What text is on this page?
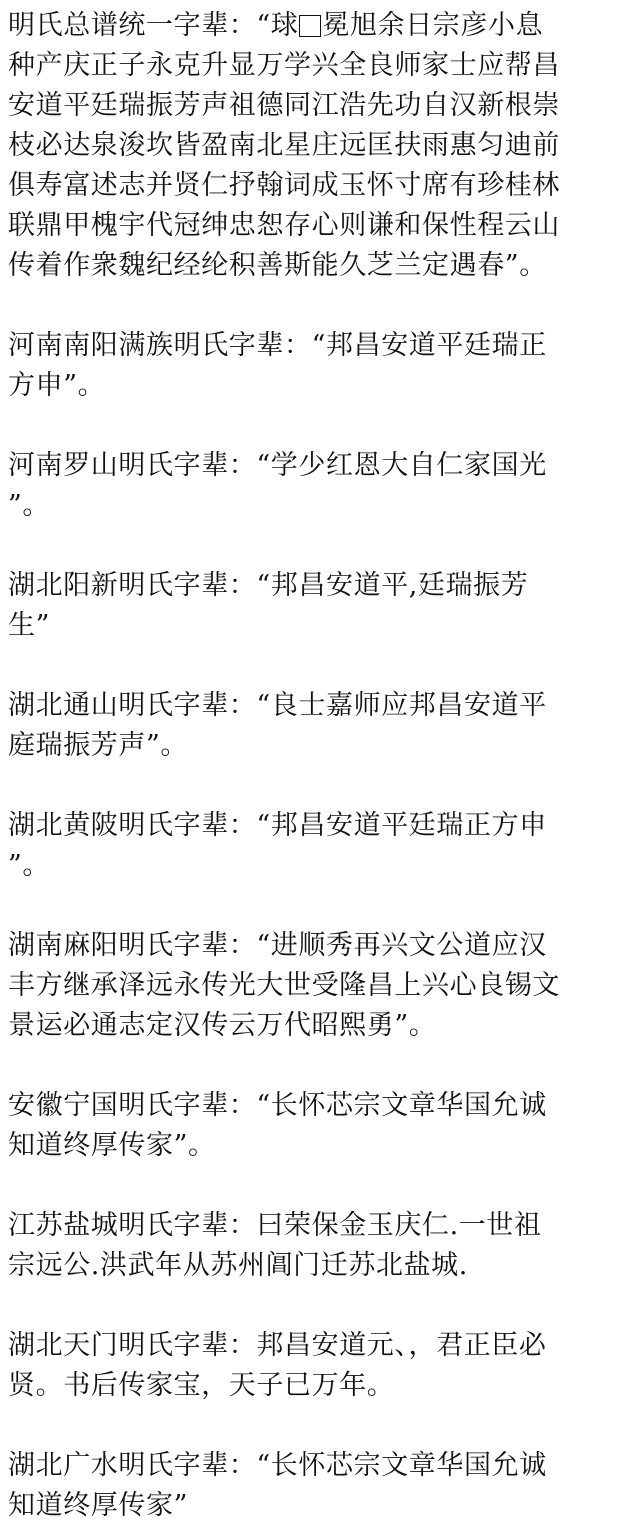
明氏总谱统一字辈：“球 冕旭余日宗彦小息
种产庆正子永克升显万学兴全良师家士应帮昌
安道平廷瑞振芳声祖德同江浩先功自汉新根崇
枝必达泉浚坎皆盈南北星庄远匡扶雨惠匀迪前
俱寿富述志并贤仁抒翰词成玉怀寸席有珍桂林
联鼎甲槐宇代冠绅忠恕存心则谦和保性程云山
传着作衆魏纪经纶积善斯能久芝兰定遇春”。
河南南阳满族明氏字辈：“邦昌安道平廷瑞正
方申”。
河南罗山明氏字辈：“学少红恩大自仁家国光
”。
湖北阳新明氏字辈：“邦昌安道平,廷瑞振芳
生”
湖北通山明氏字辈：“良士嘉师应邦昌安道平
庭瑞振芳声”。
湖北黄陂明氏字辈：“邦昌安道平廷瑞正方申
”。
湖南麻阳明氏字辈：“进顺秀再兴文公道应汉
丰方继承泽远永传光大世受隆昌上兴心良锡文
景运必通志定汉传云万代昭熙勇”。
安徽宁国明氏字辈：“长怀芯宗文章华国允诚
知道终厚传家”。
江苏盐城明氏字辈：曰荣保金玉庆仁.一世祖
宗远公.洪武年从苏州阊门迁苏北盐城.
湖北天门明氏字辈：邦昌安道元、，君正臣必
贤。书后传家宝，天子已万年。
湖北广水明氏字辈：“长怀芯宗文章华国允诚
知道终厚传家”
